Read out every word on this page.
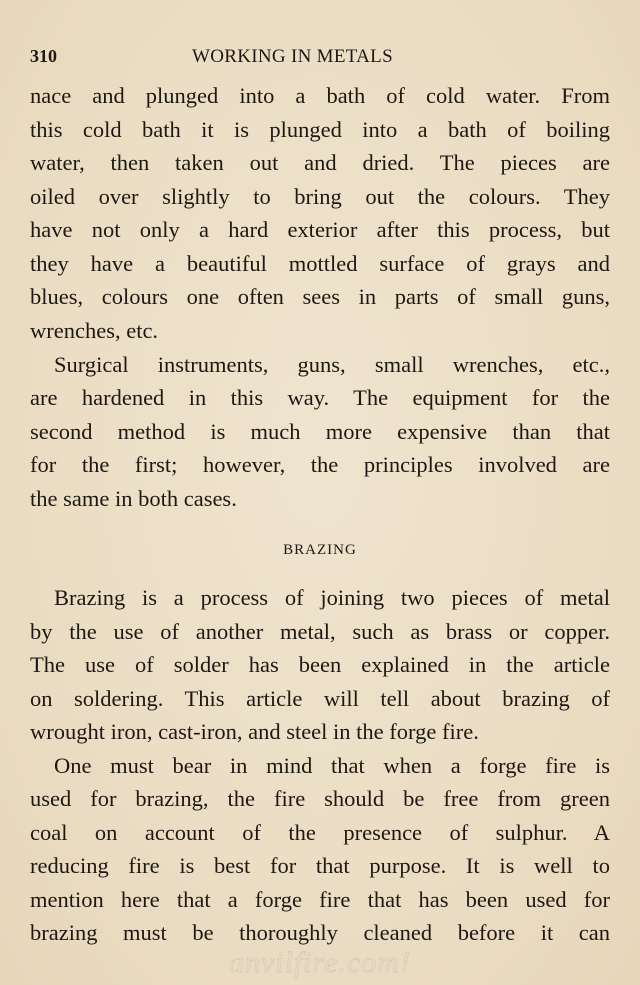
310	WORKING IN METALS
nace and plunged into a bath of cold water. From
this cold bath it is plunged into a bath of boiling
water, then taken out and dried. The pieces are
oiled over slightly to bring out the colours. They
have not only a hard exterior after this process, but
they have a beautiful mottled surface of grays and
blues, colours one often sees in parts of small guns,
wrenches, etc.
Surgical instruments, guns, small wrenches, etc.,
are hardened in this way. The equipment for the
second method is much more expensive than that
for the first; however, the principles involved are
the same in both cases.
BRAZING
Brazing is a process of joining two pieces of metal
by the use of another metal, such as brass or copper.
The use of solder has been explained in the article
on soldering. This article will tell about brazing of
wrought iron, cast-iron, and steel in the forge fire.
One must bear in mind that when a forge fire is
used for brazing, the fire should be free from green
coal on account of the presence of sulphur. A
reducing fire is best for that purpose. It is well to
mention here that a forge fire that has been used for
brazing must be thoroughly cleaned before it can
anvilfire.com!
